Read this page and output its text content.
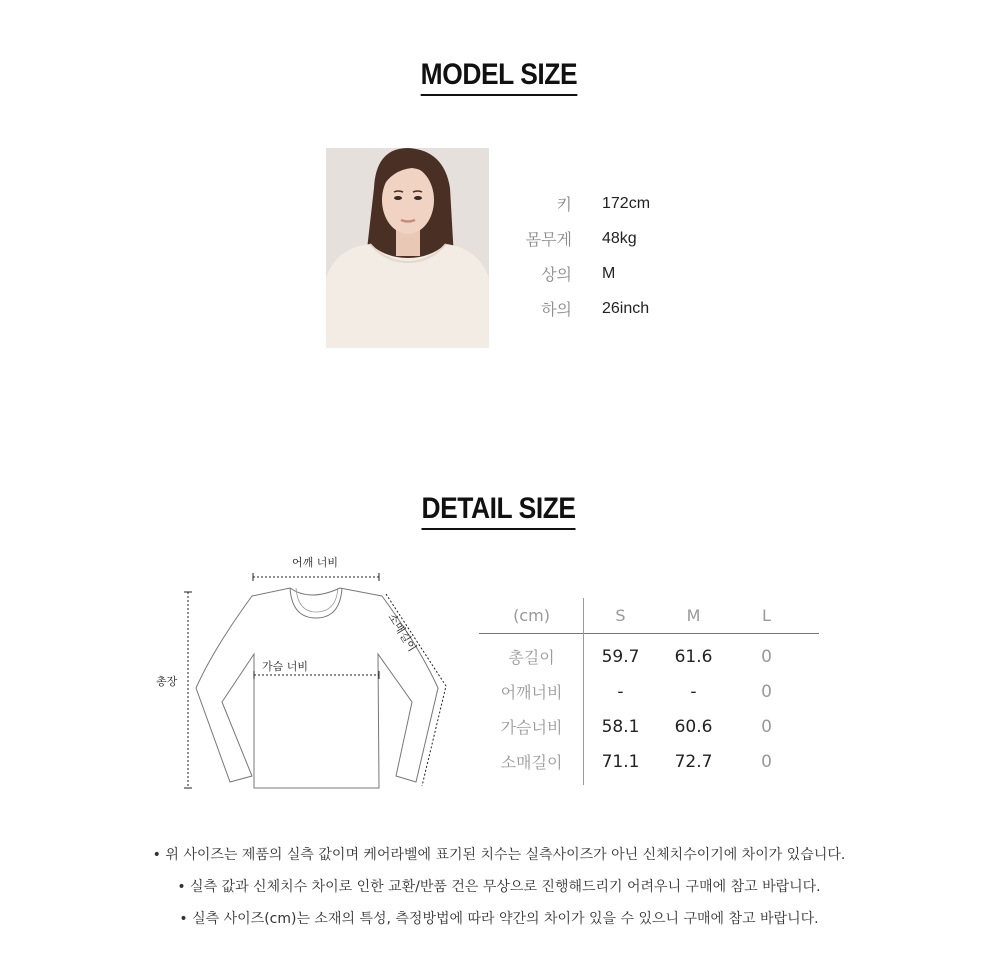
MODEL SIZE
키 172cm
몸무게 48kg
상의 M
하의 26inch
DETAIL SIZE
어깨 너비
가슴 너비
총장
소매길이	(cm)	S	M	L
총길이	59.7	61.6	0
어깨너비	-	-	0
가슴너비	58.1	60.6	0
소매길이	71.1	72.7	0
• 위 사이즈는 제품의 실측 값이며 케어라벨에 표기된 치수는 실측사이즈가 아닌 신체치수이기에 차이가 있습니다.
• 실측 값과 신체치수 차이로 인한 교환/반품 건은 무상으로 진행해드리기 어려우니 구매에 참고 바랍니다.
• 실측 사이즈(cm)는 소재의 특성, 측정방법에 따라 약간의 차이가 있을 수 있으니 구매에 참고 바랍니다.
